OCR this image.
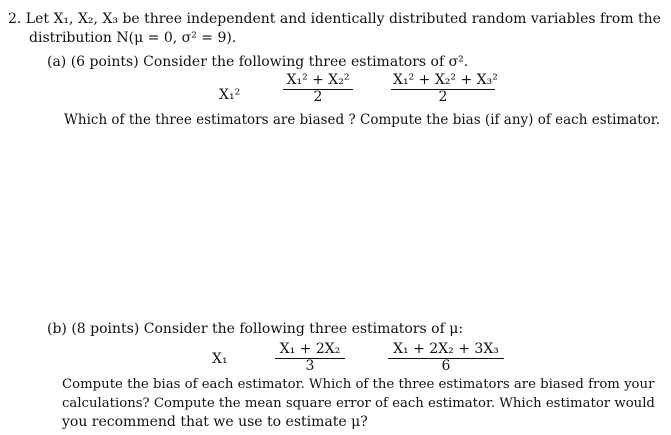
2. Let X₁, X₂, X₃ be three independent and identically distributed random variables from the
distribution N(μ = 0, σ² = 9).
(a) (6 points) Consider the following three estimators of σ².
X₁²
X₁² + X₂²
2
X₁² + X₂² + X₃²
2
Which of the three estimators are biased ? Compute the bias (if any) of each estimator.
(b) (8 points) Consider the following three estimators of μ:
X₁
X₁ + 2X₂
3
X₁ + 2X₂ + 3X₃
6
Compute the bias of each estimator. Which of the three estimators are biased from your
calculations? Compute the mean square error of each estimator. Which estimator would
you recommend that we use to estimate μ?
